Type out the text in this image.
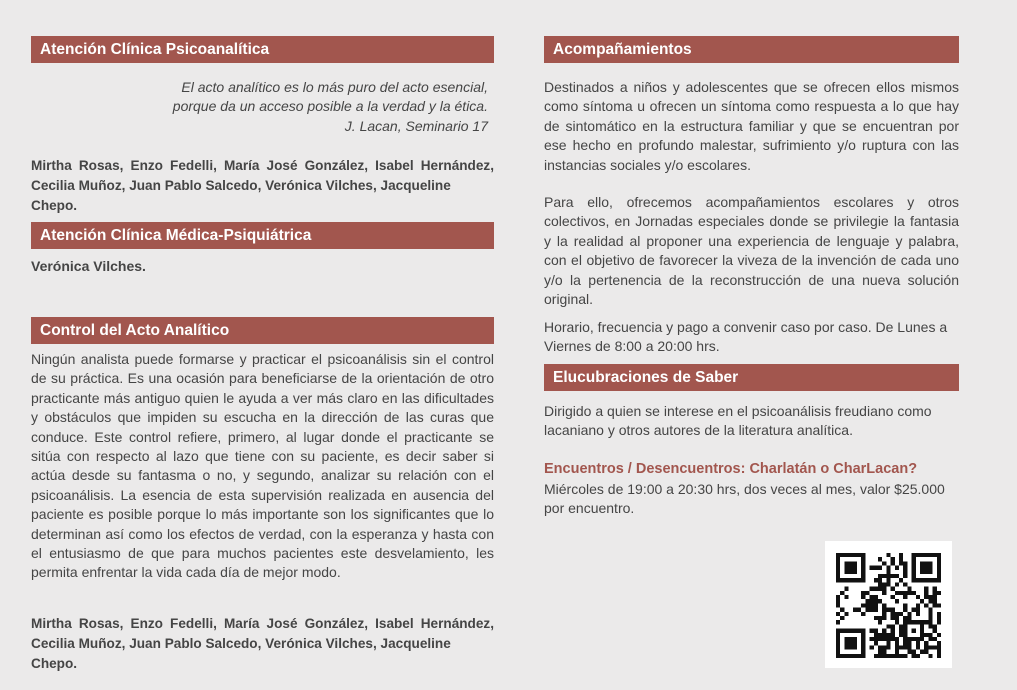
Atención Clínica Psicoanalítica
El acto analítico es lo más puro del acto esencial,
porque da un acceso posible a la verdad y la ética.
J. Lacan, Seminario 17
Mirtha Rosas, Enzo Fedelli, María José González, Isabel Hernández,
Cecilia Muñoz, Juan Pablo Salcedo, Verónica Vilches, Jacqueline Chepo.
Atención Clínica Médica-Psiquiátrica
Verónica Vilches.
Control del Acto Analítico
Ningún analista puede formarse y practicar el psicoanálisis sin el control de su práctica. Es una ocasión para beneficiarse de la orientación de otro practicante más antiguo quien le ayuda a ver más claro en las dificultades y obstáculos que impiden su escucha en la dirección de las curas que conduce. Este control refiere, primero, al lugar donde el practicante se sitúa con respecto al lazo que tiene con su paciente, es decir saber si actúa desde su fantasma o no, y segundo, analizar su relación con el psicoanálisis. La esencia de esta supervisión realizada en ausencia del paciente es posible porque lo más importante son los significantes que lo determinan así como los efectos de verdad, con la esperanza y hasta con el entusiasmo de que para muchos pacientes este desvelamiento, les permita enfrentar la vida cada día de mejor modo.
Mirtha Rosas, Enzo Fedelli, María José González, Isabel Hernández,
Cecilia Muñoz, Juan Pablo Salcedo, Verónica Vilches, Jacqueline Chepo.
Acompañamientos
Destinados a niños y adolescentes que se ofrecen ellos mismos como síntoma u ofrecen un síntoma como respuesta a lo que hay de sintomático en la estructura familiar y que se encuentran por ese hecho en profundo malestar, sufrimiento y/o ruptura con las instancias sociales y/o escolares.
Para ello, ofrecemos acompañamientos escolares y otros colectivos, en Jornadas especiales donde se privilegie la fantasia y la realidad al proponer una experiencia de lenguaje y palabra, con el objetivo de favorecer la viveza de la invención de cada uno y/o la pertenencia de la reconstrucción de una nueva solución original.
Horario, frecuencia y pago a convenir caso por caso. De Lunes a Viernes de 8:00 a 20:00 hrs.
Elucubraciones de Saber
Dirigido a quien se interese en el psicoanálisis freudiano como lacaniano y otros autores de la literatura analítica.
Encuentros / Desencuentros: Charlatán o CharLacan?
Miércoles de 19:00 a 20:30 hrs, dos veces al mes, valor $25.000 por encuentro.
